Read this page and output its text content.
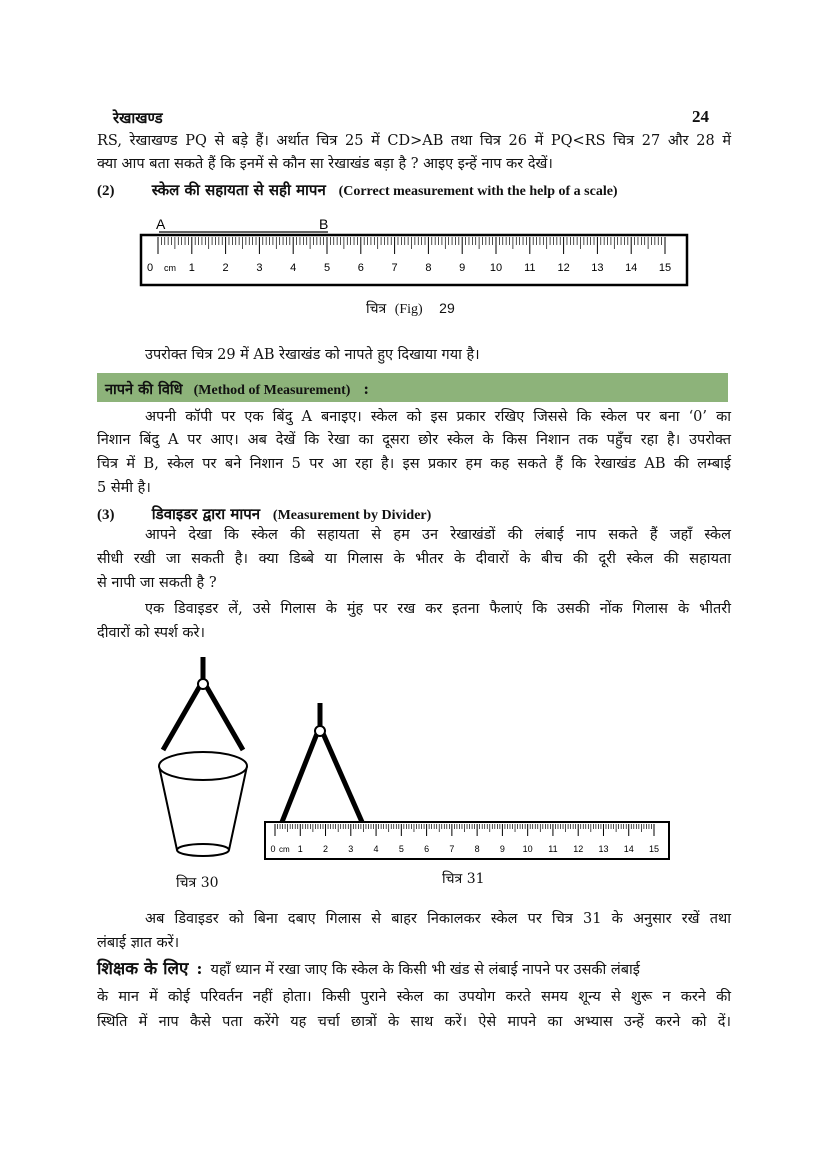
रेखाखण्ड	24
RS, रेखाखण्ड PQ से बड़े हैं। अर्थात चित्र 25 में CD>AB तथा चित्र 26 में PQ<RS चित्र 27 और 28 में
क्या आप बता सकते हैं कि इनमें से कौन सा रेखाखंड बड़ा है ? आइए इन्हें नाप कर देखें।
(2) स्केल की सहायता से सही मापन (Correct measurement with the help of a scale)
A	B
0 cm 1	2	3	4	5	6	7	8	9 10 11 12 13 14 15
चित्र (Fig) 29
उपरोक्त चित्र 29 में AB रेखाखंड को नापते हुए दिखाया गया है।
नापने की विधि (Method of Measurement) :
अपनी कॉपी पर एक बिंदु A बनाइए। स्केल को इस प्रकार रखिए जिससे कि स्केल पर बना ‘0’ का
निशान बिंदु A पर आए। अब देखें कि रेखा का दूसरा छोर स्केल के किस निशान तक पहुँच रहा है। उपरोक्त
चित्र में B, स्केल पर बने निशान 5 पर आ रहा है। इस प्रकार हम कह सकते हैं कि रेखाखंड AB की लम्बाई
5 सेमी है।
(3) डिवाइडर द्वारा मापन (Measurement by Divider)
आपने देखा कि स्केल की सहायता से हम उन रेखाखंडों की लंबाई नाप सकते हैं जहाँ स्केल
सीधी रखी जा सकती है। क्या डिब्बे या गिलास के भीतर के दीवारों के बीच की दूरी स्केल की सहायता
से नापी जा सकती है ?
एक डिवाइडर लें, उसे गिलास के मुंह पर रख कर इतना फैलाएं कि उसकी नोंक गिलास के भीतरी
दीवारों को स्पर्श करे।
चित्र 30
0 cm 1 2 3 4 5 6 7 8 9 10 11 12 13 14 15
चित्र 31
अब डिवाइडर को बिना दबाए गिलास से बाहर निकालकर स्केल पर चित्र 31 के अनुसार रखें तथा
लंबाई ज्ञात करें।
शिक्षक के लिए : यहाँ ध्यान में रखा जाए कि स्केल के किसी भी खंड से लंबाई नापने पर उसकी लंबाई
के मान में कोई परिवर्तन नहीं होता। किसी पुराने स्केल का उपयोग करते समय शून्य से शुरू न करने की
स्थिति में नाप कैसे पता करेंगे यह चर्चा छात्रों के साथ करें। ऐसे मापने का अभ्यास उन्हें करने को दें।
